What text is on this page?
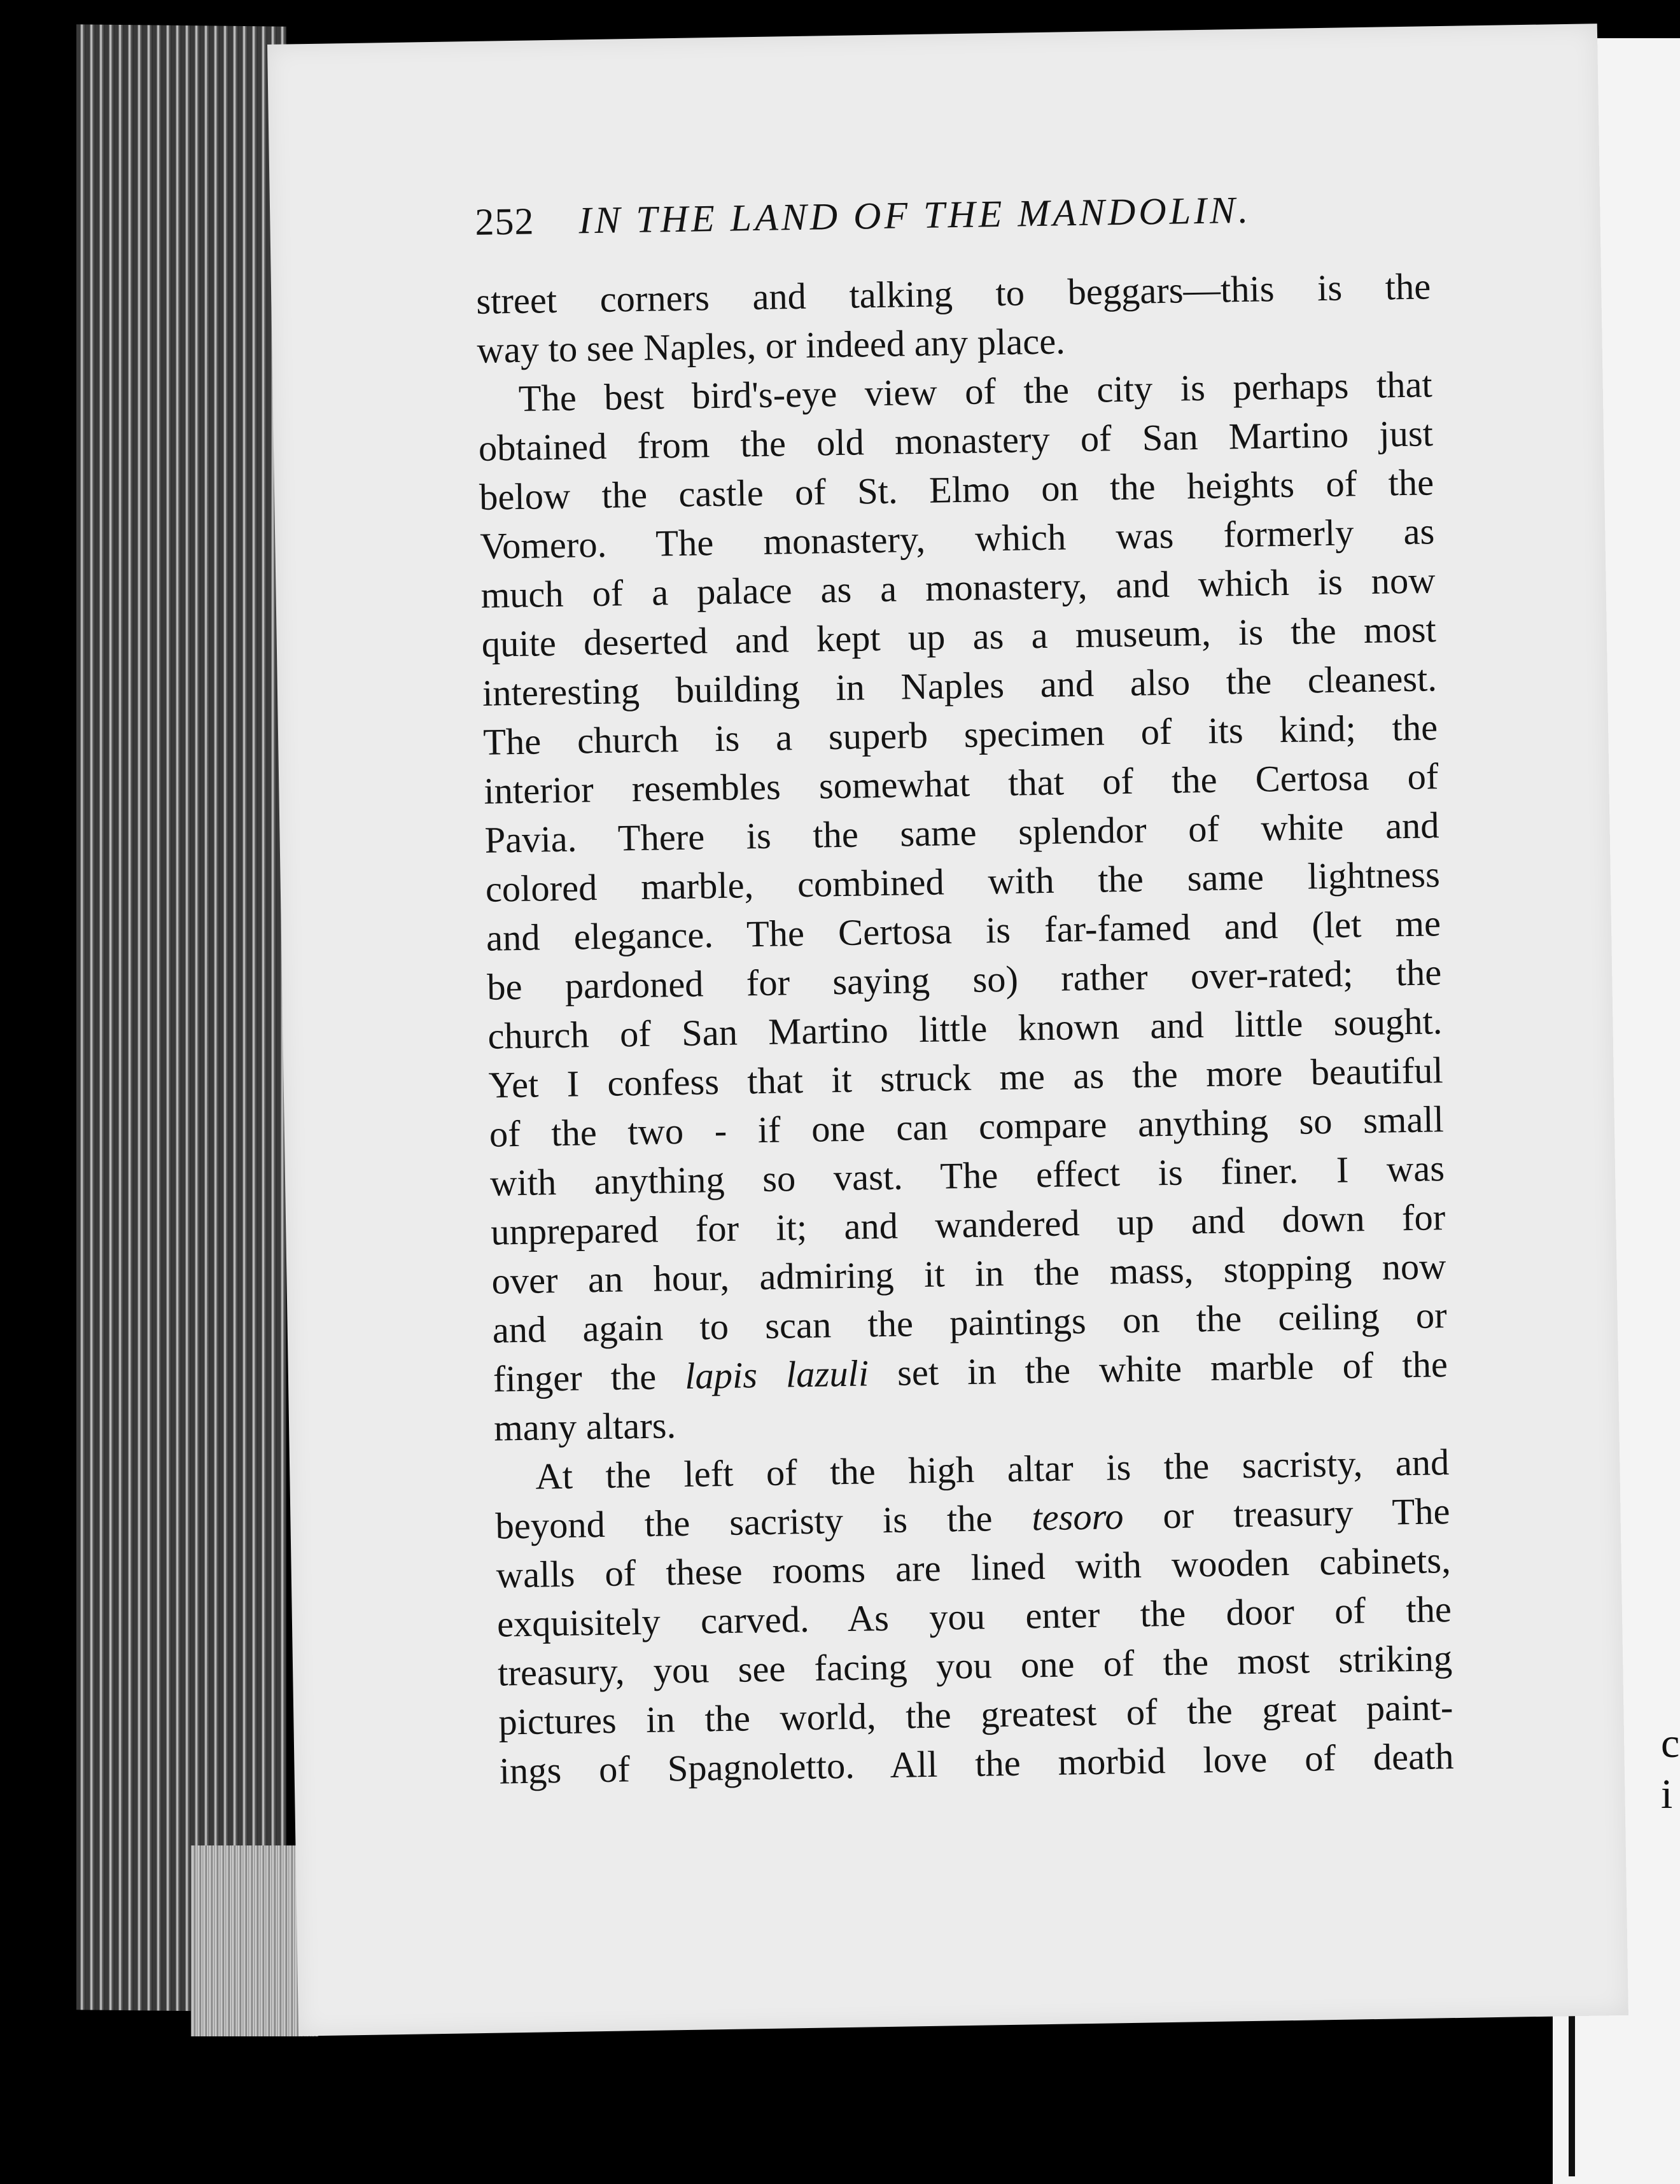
c
i
252 IN THE LAND OF THE MANDOLIN.

street corners and talking to beggars—this is the
way to see Naples, or indeed any place.

The best bird's-eye view of the city is perhaps that
obtained from the old monastery of San Martino just
below the castle of St. Elmo on the heights of the
Vomero. The monastery, which was formerly as
much of a palace as a monastery, and which is now
quite deserted and kept up as a museum, is the most
interesting building in Naples and also the cleanest.
The church is a superb specimen of its kind; the
interior resembles somewhat that of the Certosa of
Pavia. There is the same splendor of white and
colored marble, combined with the same lightness
and elegance. The Certosa is far-famed and (let me
be pardoned for saying so) rather over-rated; the
church of San Martino little known and little sought.
Yet I confess that it struck me as the more beautiful
of the two - if one can compare anything so small
with anything so vast. The effect is finer. I was
unprepared for it; and wandered up and down for
over an hour, admiring it in the mass, stopping now
and again to scan the paintings on the ceiling or
finger the lapis lazuli set in the white marble of the
many altars.

At the left of the high altar is the sacristy, and
beyond the sacristy is the tesoro or treasury The
walls of these rooms are lined with wooden cabinets,
exquisitely carved. As you enter the door of the
treasury, you see facing you one of the most striking
pictures in the world, the greatest of the great paint-
ings of Spagnoletto. All the morbid love of death
